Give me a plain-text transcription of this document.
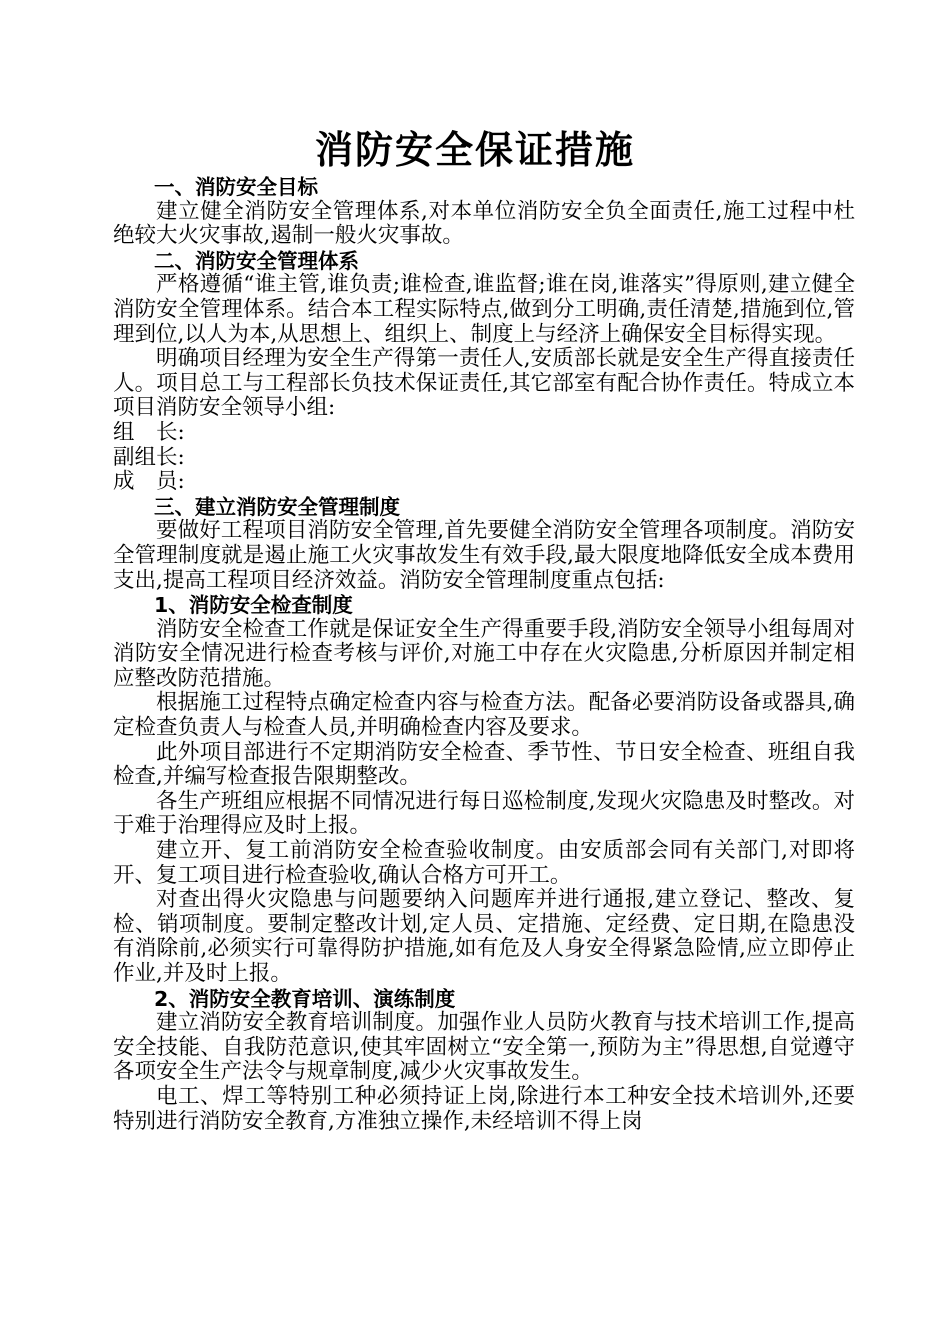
消防安全保证措施

一、消防安全目标

建立健全消防安全管理体系,对本单位消防安全负全面责任,施工过程中杜绝较大火灾事故,遏制一般火灾事故。

二、消防安全管理体系

严格遵循“谁主管,谁负责;谁检查,谁监督;谁在岗,谁落实”得原则,建立健全消防安全管理体系。结合本工程实际特点,做到分工明确,责任清楚,措施到位,管理到位,以人为本,从思想上、组织上、制度上与经济上确保安全目标得实现。

明确项目经理为安全生产得第一责任人,安质部长就是安全生产得直接责任人。项目总工与工程部长负技术保证责任,其它部室有配合协作责任。特成立本项目消防安全领导小组:

组　长:

副组长:

成　员:

三、建立消防安全管理制度

要做好工程项目消防安全管理,首先要健全消防安全管理各项制度。消防安全管理制度就是遏止施工火灾事故发生有效手段,最大限度地降低安全成本费用支出,提高工程项目经济效益。消防安全管理制度重点包括:

1、消防安全检查制度

消防安全检查工作就是保证安全生产得重要手段,消防安全领导小组每周对消防安全情况进行检查考核与评价,对施工中存在火灾隐患,分析原因并制定相应整改防范措施。

根据施工过程特点确定检查内容与检查方法。配备必要消防设备或器具,确定检查负责人与检查人员,并明确检查内容及要求。

此外项目部进行不定期消防安全检查、季节性、节日安全检查、班组自我检查,并编写检查报告限期整改。

各生产班组应根据不同情况进行每日巡检制度,发现火灾隐患及时整改。对于难于治理得应及时上报。

建立开、复工前消防安全检查验收制度。由安质部会同有关部门,对即将开、复工项目进行检查验收,确认合格方可开工。

对查出得火灾隐患与问题要纳入问题库并进行通报,建立登记、整改、复检、销项制度。要制定整改计划,定人员、定措施、定经费、定日期,在隐患没有消除前,必须实行可靠得防护措施,如有危及人身安全得紧急险情,应立即停止作业,并及时上报。

2、消防安全教育培训、演练制度

建立消防安全教育培训制度。加强作业人员防火教育与技术培训工作,提高安全技能、自我防范意识,使其牢固树立“安全第一,预防为主”得思想,自觉遵守各项安全生产法令与规章制度,减少火灾事故发生。

电工、焊工等特别工种必须持证上岗,除进行本工种安全技术培训外,还要特别进行消防安全教育,方准独立操作,未经培训不得上岗
